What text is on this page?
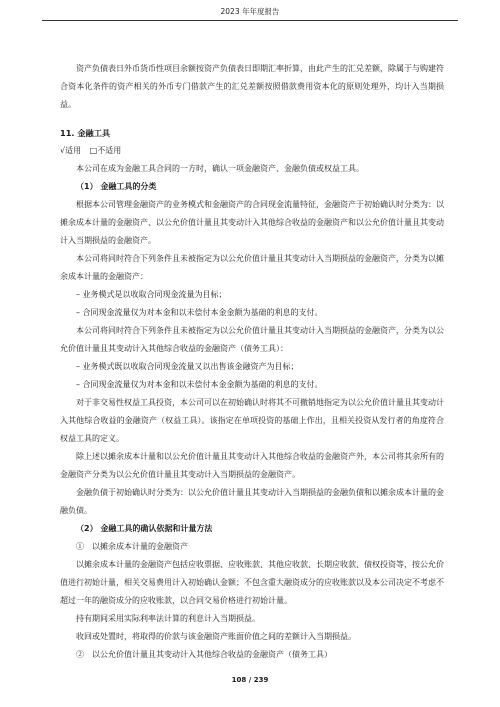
2023 年年度报告

资产负债表日外币货币性项目余额按资产负债表日即期汇率折算，由此产生的汇兑差额，除属于与购建符合资本化条件的资产相关的外币专门借款产生的汇兑差额按照借款费用资本化的原则处理外，均计入当期损益。

11. 金融工具

√适用 □不适用

本公司在成为金融工具合同的一方时，确认一项金融资产、金融负债或权益工具。

（1） 金融工具的分类

根据本公司管理金融资产的业务模式和金融资产的合同现金流量特征，金融资产于初始确认时分类为：以摊余成本计量的金融资产、以公允价值计量且其变动计入其他综合收益的金融资产和以公允价值计量且其变动计入当期损益的金融资产。

本公司将同时符合下列条件且未被指定为以公允价值计量且其变动计入当期损益的金融资产，分类为以摊余成本计量的金融资产：

– 业务模式是以收取合同现金流量为目标；

– 合同现金流量仅为对本金和以未偿付本金金额为基础的利息的支付。

本公司将同时符合下列条件且未被指定为以公允价值计量且其变动计入当期损益的金融资产，分类为以公允价值计量且其变动计入其他综合收益的金融资产（债务工具）：

– 业务模式既以收取合同现金流量又以出售该金融资产为目标；

– 合同现金流量仅为对本金和以未偿付本金金额为基础的利息的支付。

对于非交易性权益工具投资，本公司可以在初始确认时将其不可撤销地指定为以公允价值计量且其变动计入其他综合收益的金融资产（权益工具）。该指定在单项投资的基础上作出，且相关投资从发行者的角度符合权益工具的定义。

除上述以摊余成本计量和以公允价值计量且其变动计入其他综合收益的金融资产外，本公司将其余所有的金融资产分类为以公允价值计量且其变动计入当期损益的金融资产。

金融负债于初始确认时分类为：以公允价值计量且其变动计入当期损益的金融负债和以摊余成本计量的金融负债。

（2） 金融工具的确认依据和计量方法

①　以摊余成本计量的金融资产

以摊余成本计量的金融资产包括应收票据、应收账款、其他应收款、长期应收款、债权投资等，按公允价值进行初始计量，相关交易费用计入初始确认金额；不包含重大融资成分的应收账款以及本公司决定不考虑不超过一年的融资成分的应收账款，以合同交易价格进行初始计量。

持有期间采用实际利率法计算的利息计入当期损益。

收回或处置时，将取得的价款与该金融资产账面价值之间的差额计入当期损益。

②　以公允价值计量且其变动计入其他综合收益的金融资产（债务工具）

108 / 239
